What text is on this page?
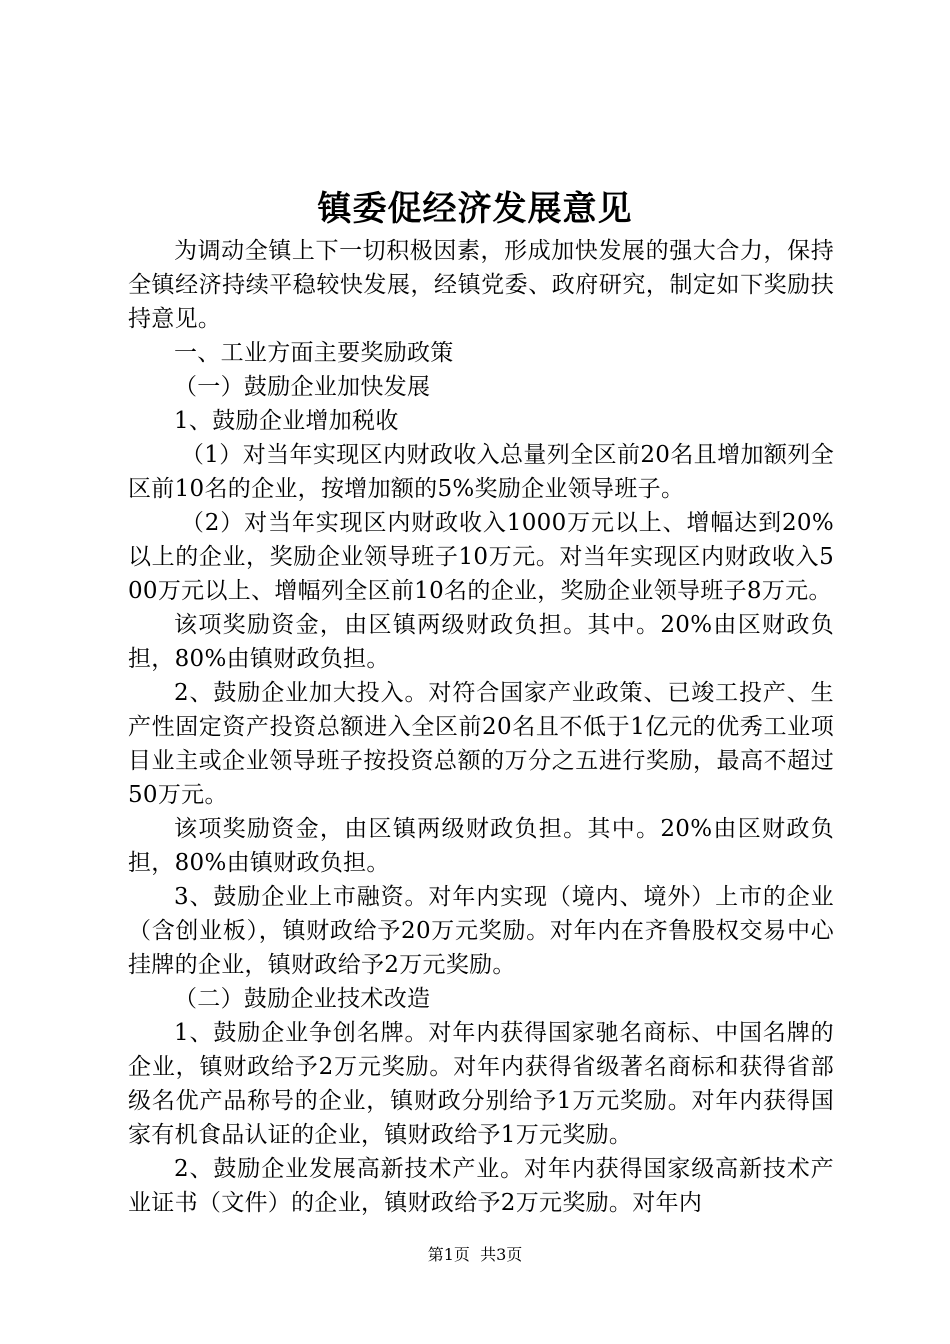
镇委促经济发展意见

为调动全镇上下一切积极因素，形成加快发展的强大合力，保持全镇经济持续平稳较快发展，经镇党委、政府研究，制定如下奖励扶持意见。

一、工业方面主要奖励政策

（一）鼓励企业加快发展

1、鼓励企业增加税收

（1）对当年实现区内财政收入总量列全区前20名且增加额列全区前10名的企业，按增加额的5%奖励企业领导班子。

（2）对当年实现区内财政收入1000万元以上、增幅达到20%以上的企业，奖励企业领导班子10万元。对当年实现区内财政收入500万元以上、增幅列全区前10名的企业，奖励企业领导班子8万元。

该项奖励资金，由区镇两级财政负担。其中。20%由区财政负担，80%由镇财政负担。

2、鼓励企业加大投入。对符合国家产业政策、已竣工投产、生产性固定资产投资总额进入全区前20名且不低于1亿元的优秀工业项目业主或企业领导班子按投资总额的万分之五进行奖励，最高不超过50万元。

该项奖励资金，由区镇两级财政负担。其中。20%由区财政负担，80%由镇财政负担。

3、鼓励企业上市融资。对年内实现（境内、境外）上市的企业（含创业板），镇财政给予20万元奖励。对年内在齐鲁股权交易中心挂牌的企业，镇财政给予2万元奖励。

（二）鼓励企业技术改造

1、鼓励企业争创名牌。对年内获得国家驰名商标、中国名牌的企业，镇财政给予2万元奖励。对年内获得省级著名商标和获得省部级名优产品称号的企业，镇财政分别给予1万元奖励。对年内获得国家有机食品认证的企业，镇财政给予1万元奖励。

2、鼓励企业发展高新技术产业。对年内获得国家级高新技术产业证书（文件）的企业，镇财政给予2万元奖励。对年内

第1页 共3页
